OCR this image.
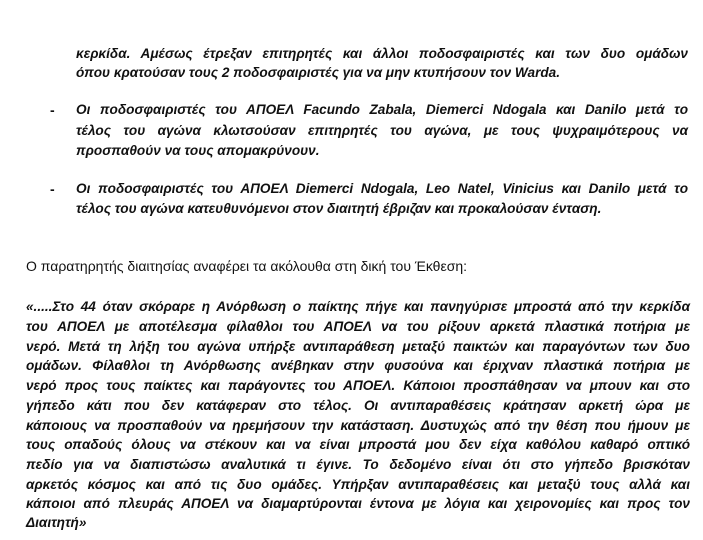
κερκίδα. Αμέσως έτρεξαν επιτηρητές και άλλοι ποδοσφαιριστές και των δυο ομάδων
όπου κρατούσαν τους 2 ποδοσφαιριστές για να μην κτυπήσουν τον Warda.
- Οι ποδοσφαιριστές του ΑΠΟΕΛ Facundo Zabala, Diemerci Ndogala και Danilo μετά το
τέλος του αγώνα κλωτσούσαν επιτηρητές του αγώνα, με τους ψυχραιμότερους να
προσπαθούν να τους απομακρύνουν.
- Οι ποδοσφαιριστές του ΑΠΟΕΛ Diemerci Ndogala, Leo Natel, Vinicius και Danilo μετά το
τέλος του αγώνα κατευθυνόμενοι στον διαιτητή έβριζαν και προκαλούσαν ένταση.
Ο παρατηρητής διαιτησίας αναφέρει τα ακόλουθα στη δική του Έκθεση:
«.....Στο 44 όταν σκόραρε η Ανόρθωση ο παίκτης πήγε και πανηγύρισε μπροστά από την κερκίδα
του ΑΠΟΕΛ με αποτέλεσμα φίλαθλοι του ΑΠΟΕΛ να του ρίξουν αρκετά πλαστικά ποτήρια με
νερό. Μετά τη λήξη του αγώνα υπήρξε αντιπαράθεση μεταξύ παικτών και παραγόντων των δυο
ομάδων. Φίλαθλοι τη Ανόρθωσης ανέβηκαν στην φυσούνα και έριχναν πλαστικά ποτήρια με
νερό προς τους παίκτες και παράγοντες του ΑΠΟΕΛ. Κάποιοι προσπάθησαν να μπουν και στο
γήπεδο κάτι που δεν κατάφεραν στο τέλος. Οι αντιπαραθέσεις κράτησαν αρκετή ώρα με
κάποιους να προσπαθούν να ηρεμήσουν την κατάσταση. Δυστυχώς από την θέση που ήμουν με
τους οπαδούς όλους να στέκουν και να είναι μπροστά μου δεν είχα καθόλου καθαρό οπτικό
πεδίο για να διαπιστώσω αναλυτικά τι έγινε. Το δεδομένο είναι ότι στο γήπεδο βρισκόταν
αρκετός κόσμος και από τις δυο ομάδες. Υπήρξαν αντιπαραθέσεις και μεταξύ τους αλλά και
κάποιοι από πλευράς ΑΠΟΕΛ να διαμαρτύρονται έντονα με λόγια και χειρονομίες και προς τον
Διαιτητή»
